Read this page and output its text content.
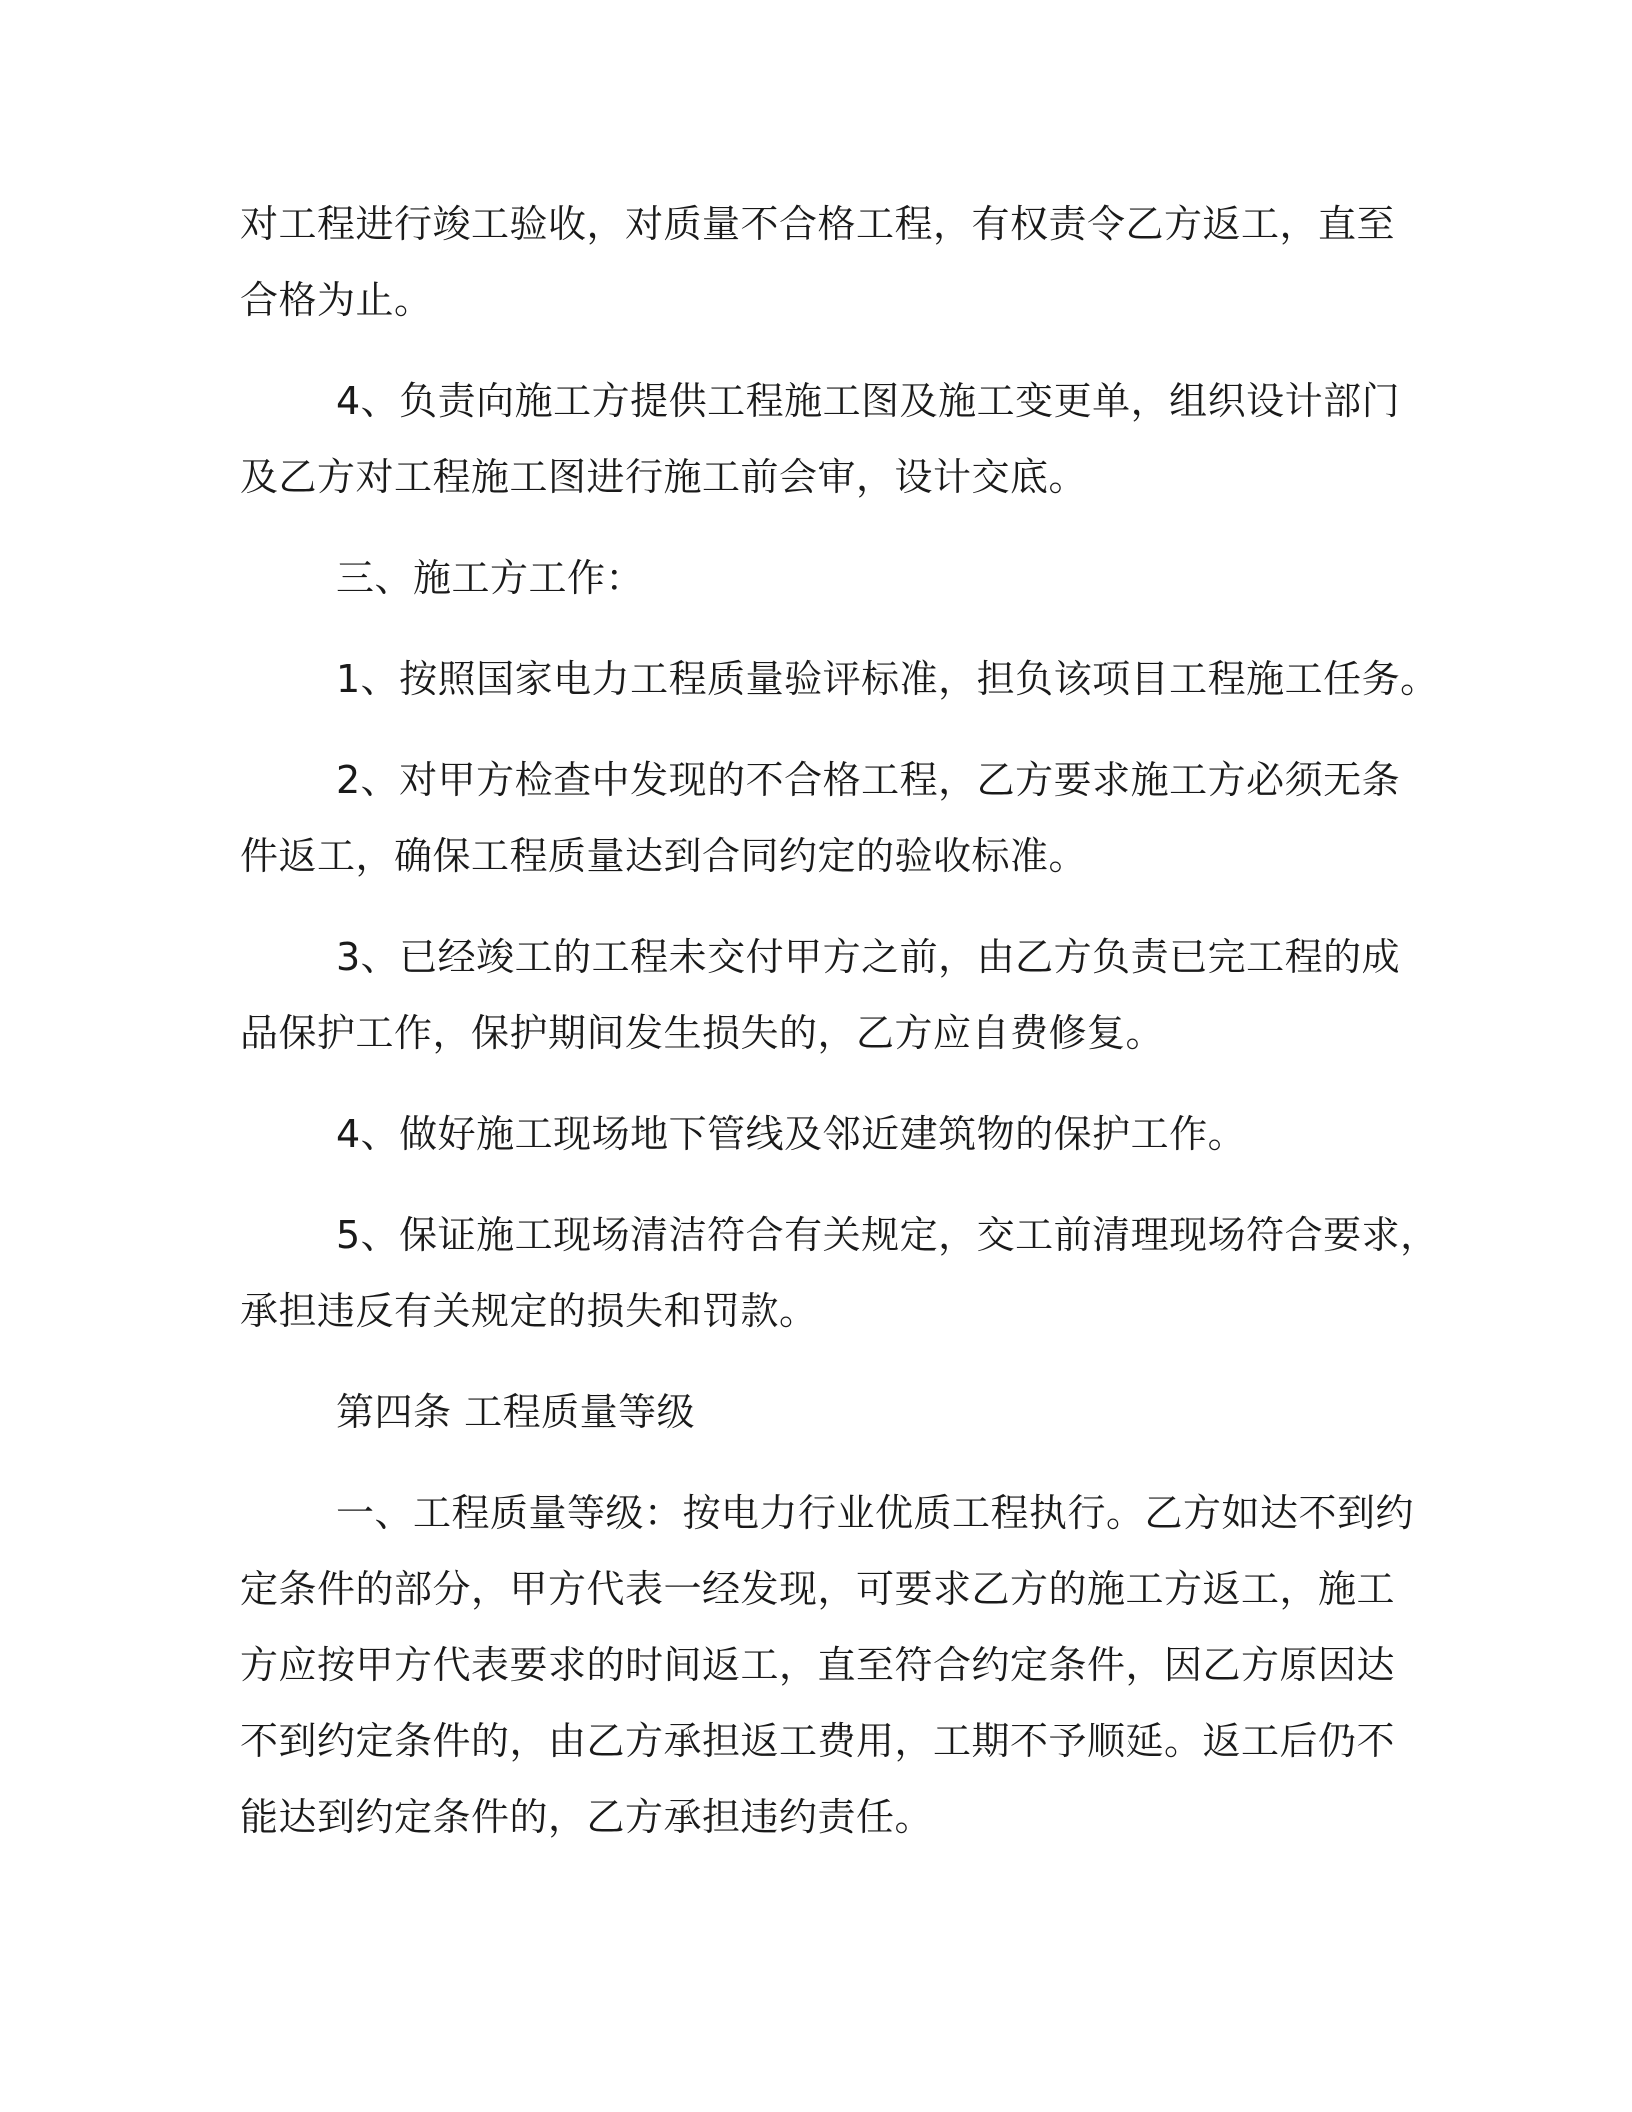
对工程进行竣工验收，对质量不合格工程，有权责令乙方返工，直至
合格为止。

4、负责向施工方提供工程施工图及施工变更单，组织设计部门
及乙方对工程施工图进行施工前会审，设计交底。

三、施工方工作：

1、按照国家电力工程质量验评标准，担负该项目工程施工任务。

2、对甲方检查中发现的不合格工程，乙方要求施工方必须无条
件返工，确保工程质量达到合同约定的验收标准。

3、已经竣工的工程未交付甲方之前，由乙方负责已完工程的成
品保护工作，保护期间发生损失的，乙方应自费修复。

4、做好施工现场地下管线及邻近建筑物的保护工作。

5、保证施工现场清洁符合有关规定，交工前清理现场符合要求，
承担违反有关规定的损失和罚款。

第四条 工程质量等级

一、工程质量等级：按电力行业优质工程执行。乙方如达不到约
定条件的部分，甲方代表一经发现，可要求乙方的施工方返工，施工
方应按甲方代表要求的时间返工，直至符合约定条件，因乙方原因达
不到约定条件的，由乙方承担返工费用，工期不予顺延。返工后仍不
能达到约定条件的，乙方承担违约责任。
